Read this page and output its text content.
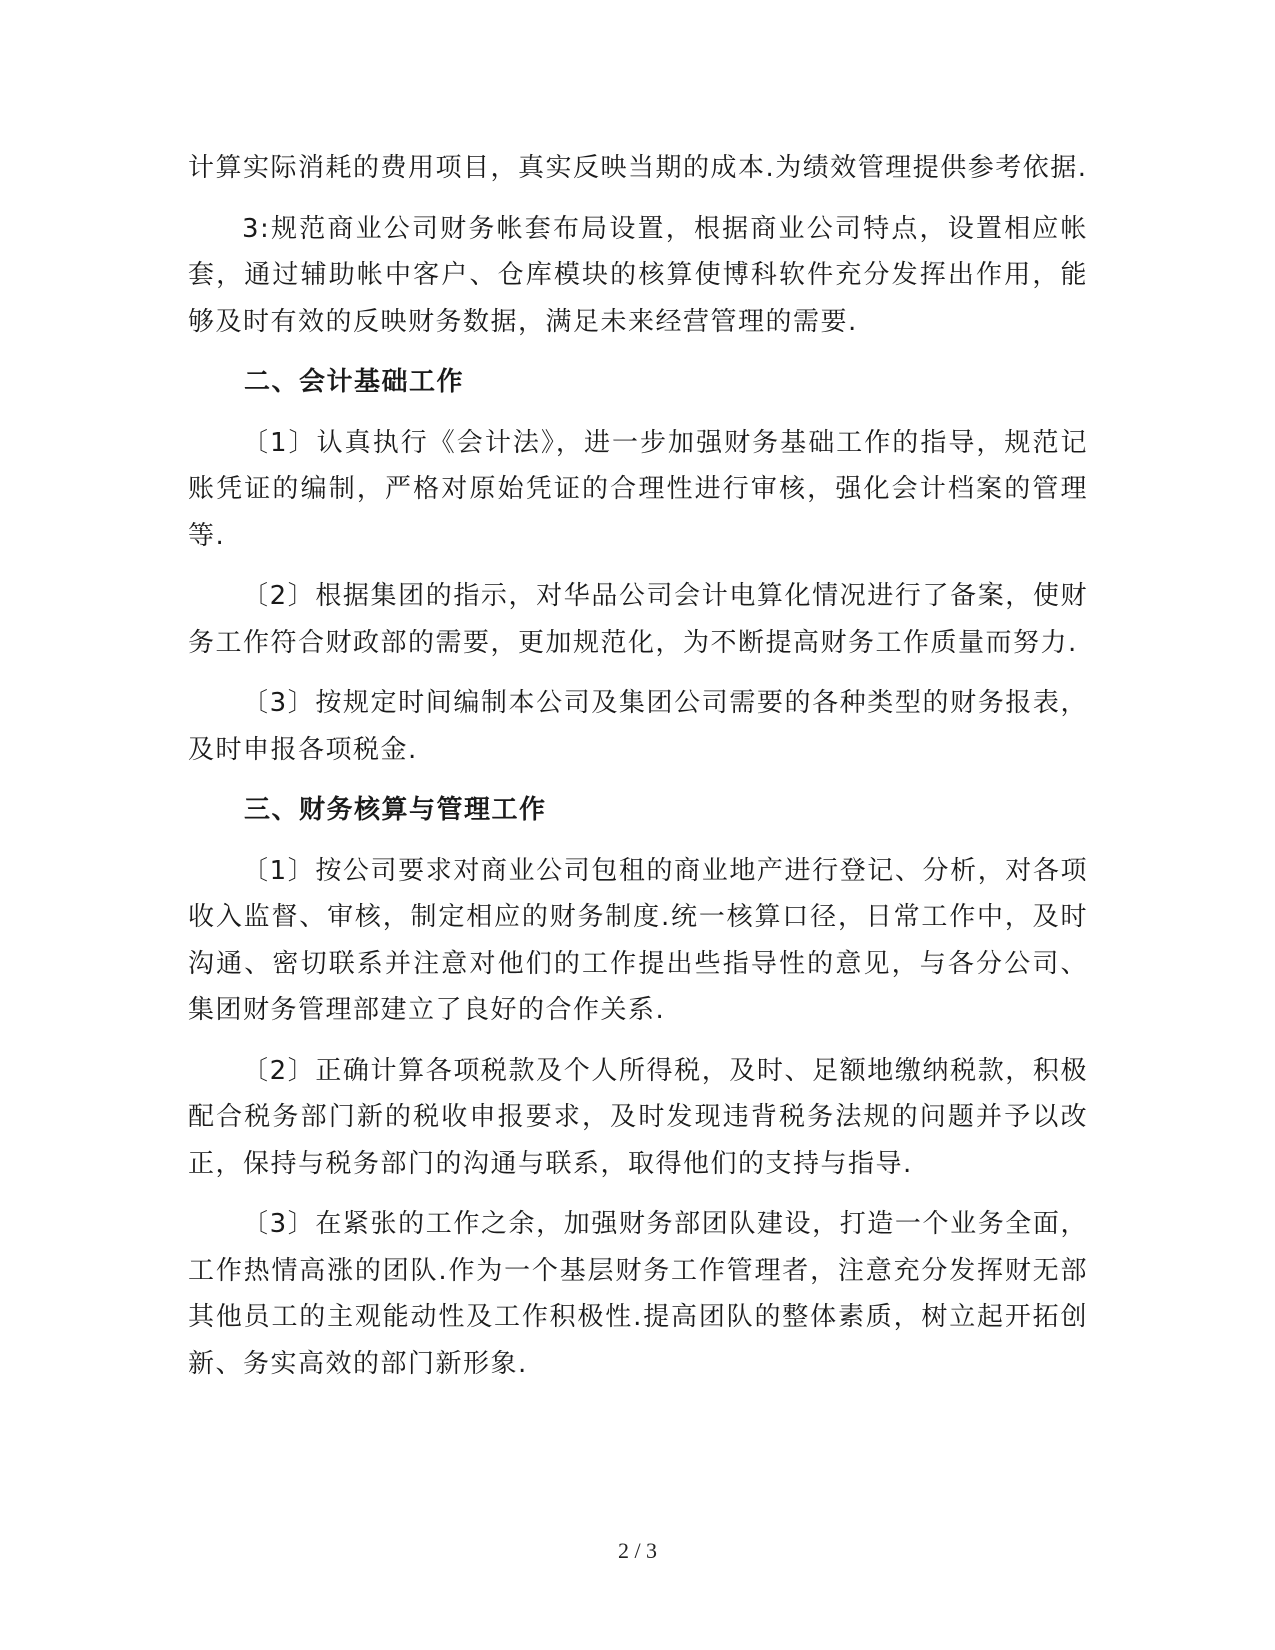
计算实际消耗的费用项目，真实反映当期的成本.为绩效管理提供参考依据.

3:规范商业公司财务帐套布局设置，根据商业公司特点，设置相应帐套，通过辅助帐中客户、仓库模块的核算使博科软件充分发挥出作用，能够及时有效的反映财务数据，满足未来经营管理的需要.

二、会计基础工作

〔1〕认真执行《会计法》，进一步加强财务基础工作的指导，规范记账凭证的编制，严格对原始凭证的合理性进行审核，强化会计档案的管理等.

〔2〕根据集团的指示，对华品公司会计电算化情况进行了备案，使财务工作符合财政部的需要，更加规范化，为不断提高财务工作质量而努力.

〔3〕按规定时间编制本公司及集团公司需要的各种类型的财务报表，及时申报各项税金.

三、财务核算与管理工作

〔1〕按公司要求对商业公司包租的商业地产进行登记、分析，对各项收入监督、审核，制定相应的财务制度.统一核算口径，日常工作中，及时沟通、密切联系并注意对他们的工作提出些指导性的意见，与各分公司、集团财务管理部建立了良好的合作关系.

〔2〕正确计算各项税款及个人所得税，及时、足额地缴纳税款，积极配合税务部门新的税收申报要求，及时发现违背税务法规的问题并予以改正，保持与税务部门的沟通与联系，取得他们的支持与指导.

〔3〕在紧张的工作之余，加强财务部团队建设，打造一个业务全面，工作热情高涨的团队.作为一个基层财务工作管理者，注意充分发挥财无部其他员工的主观能动性及工作积极性.提高团队的整体素质，树立起开拓创新、务实高效的部门新形象.

2 / 3
